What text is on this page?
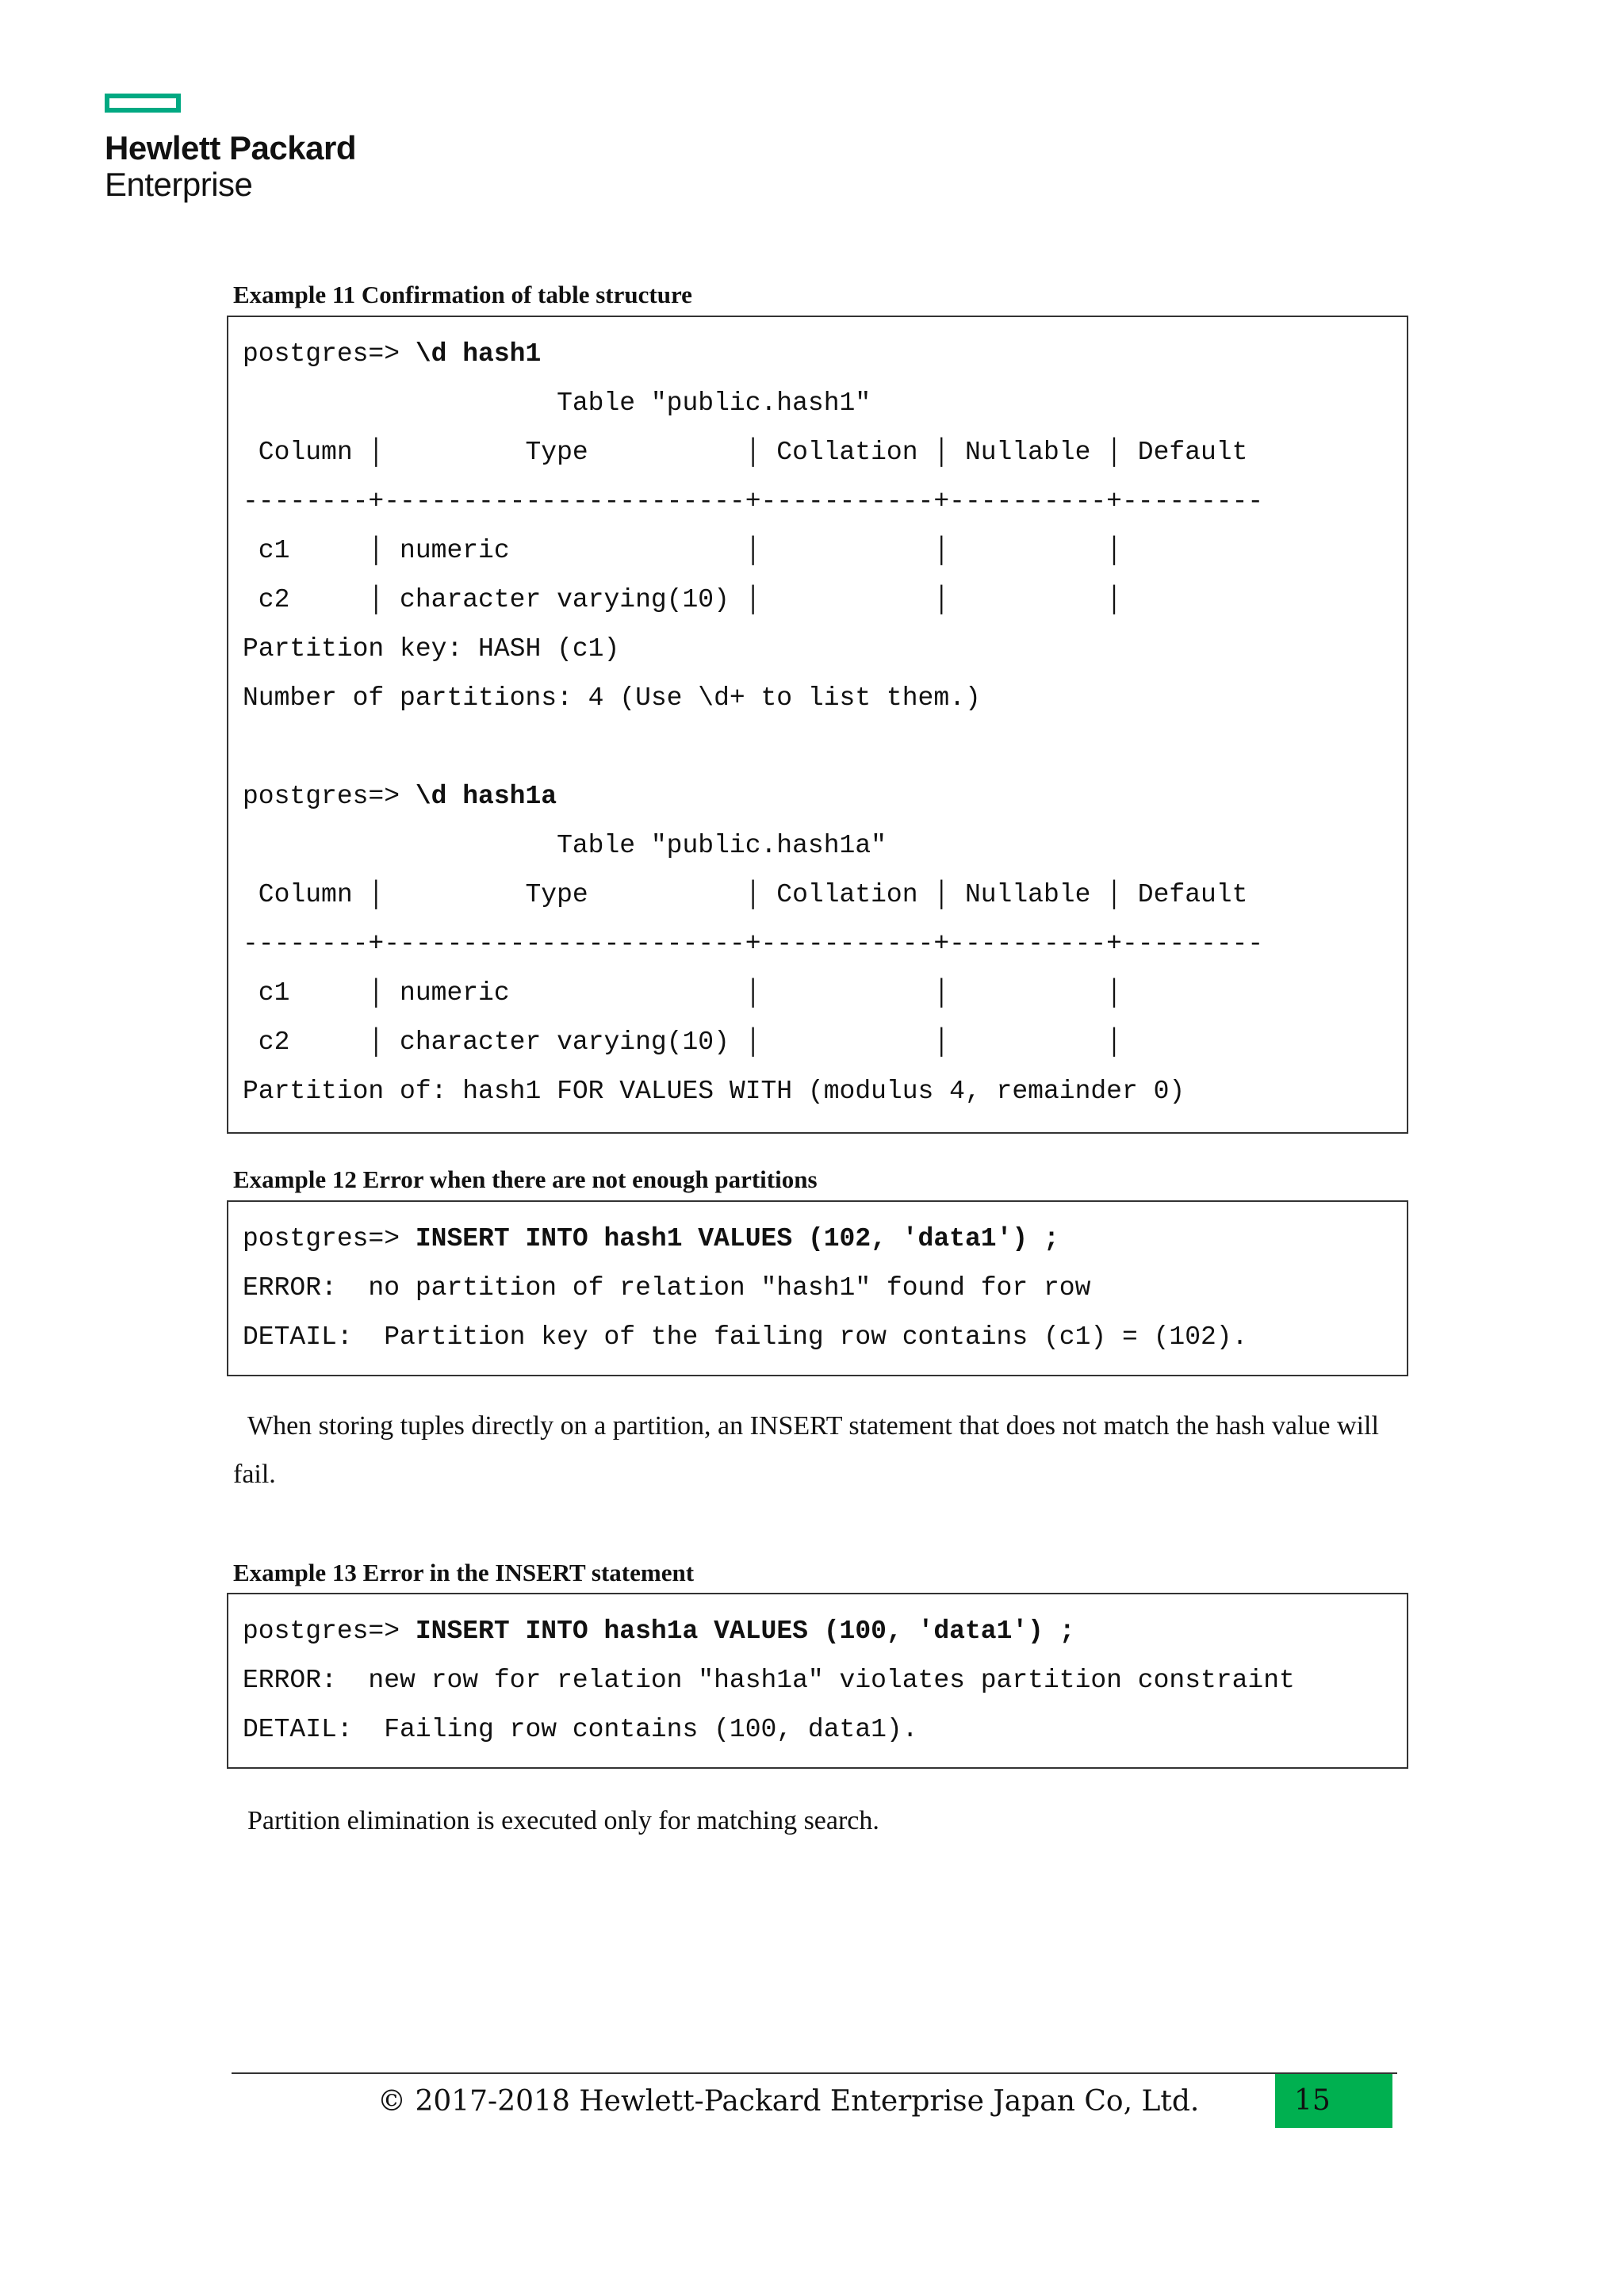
Hewlett Packard
Enterprise
Example 11 Confirmation of table structure
postgres=> \d hash1
Table "public.hash1"
Column │         Type          │ Collation │ Nullable │ Default
--------+-----------------------+-----------+----------+---------
c1     │ numeric               │           │          │
c2     │ character varying(10) │           │          │
Partition key: HASH (c1)
Number of partitions: 4 (Use \d+ to list them.)
postgres=> \d hash1a
Table "public.hash1a"
Column │         Type          │ Collation │ Nullable │ Default
--------+-----------------------+-----------+----------+---------
c1     │ numeric               │           │          │
c2     │ character varying(10) │           │          │
Partition of: hash1 FOR VALUES WITH (modulus 4, remainder 0)
Example 12 Error when there are not enough partitions
postgres=> INSERT INTO hash1 VALUES (102, 'data1') ;
ERROR:  no partition of relation "hash1" found for row
DETAIL:  Partition key of the failing row contains (c1) = (102).
When storing tuples directly on a partition, an INSERT statement that does not match the hash value will fail.
Example 13 Error in the INSERT statement
postgres=> INSERT INTO hash1a VALUES (100, 'data1') ;
ERROR:  new row for relation "hash1a" violates partition constraint
DETAIL:  Failing row contains (100, data1).
Partition elimination is executed only for matching search.
© 2017-2018 Hewlett-Packard Enterprise Japan Co, Ltd.	15
